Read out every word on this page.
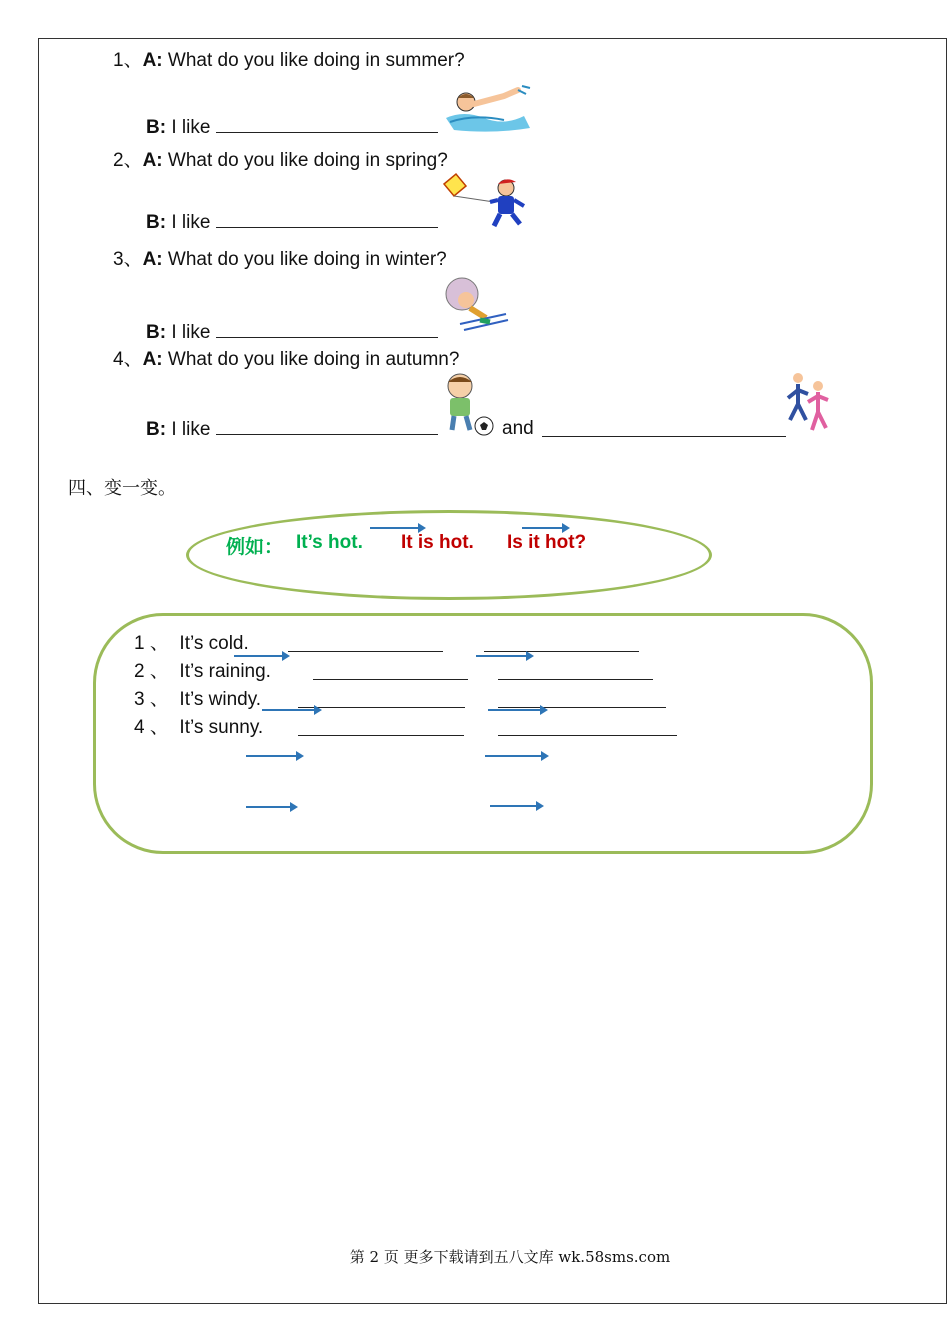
1、A: What do you like doing in summer?
B: I like
2、A: What do you like doing in spring?
B: I like
3、A: What do you like doing in winter?
B: I like
4、A: What do you like doing in autumn?
B: I like	and
四、变一变。
例如： It’s hot. It is hot. Is it hot?
1 、 It’s cold.
2 、 It’s raining.
3 、 It’s windy.
4 、 It’s sunny.
第 2 页 更多下载请到五八文库 wk.58sms.com
